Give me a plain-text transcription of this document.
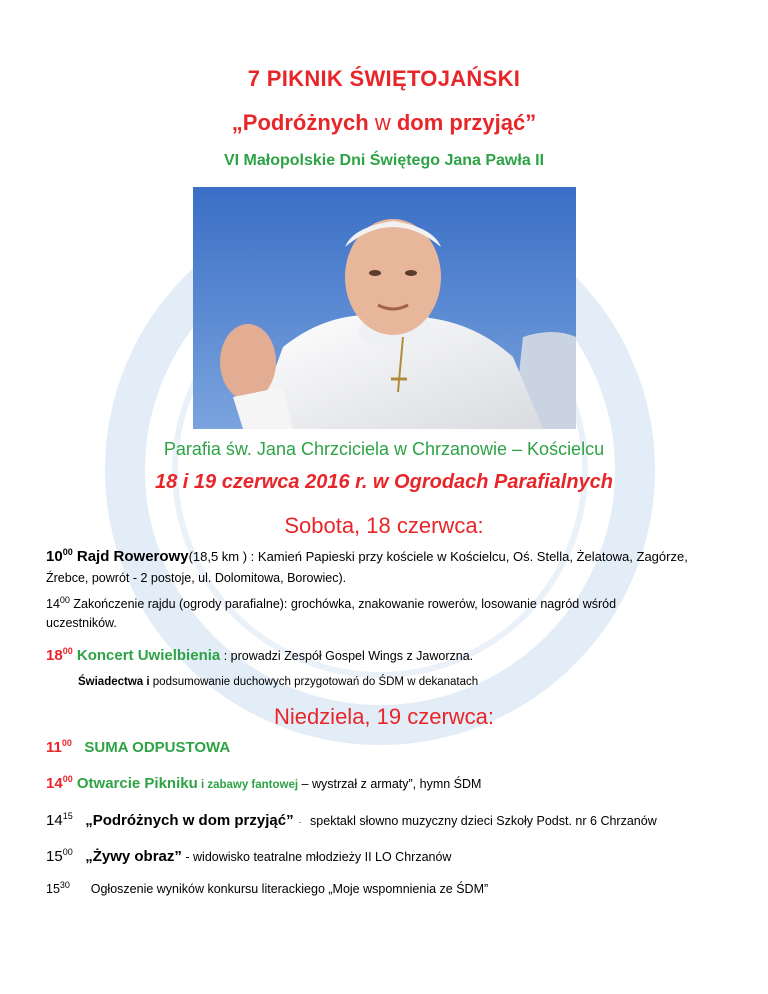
7 PIKNIK ŚWIĘTOJAŃSKI
„Podróżnych w dom przyjąć”
VI Małopolskie Dni Świętego Jana Pawła II
Parafia św. Jana Chrzciciela w Chrzanowie – Kościelcu
18 i 19 czerwca 2016 r. w Ogrodach Parafialnych
Sobota, 18 czerwca:
$10^{00}$ Rajd Rowerowy(18,5 km ) : Kamień Papieski przy kościele w Kościelcu, Oś. Stella, Żelatowa, Zagórze,
Źrebce, powrót - 2 postoje, ul. Dolomitowa, Borowiec).
$14^{00}$ Zakończenie rajdu (ogrody parafialne): grochówka, znakowanie rowerów, losowanie nagród wśród
uczestników.
$18^{00}$ Koncert Uwielbienia : prowadzi Zespół Gospel Wings z Jaworzna.
Świadectwa i podsumowanie duchowych przygotowań do ŚDM w dekanatach
Niedziela, 19 czerwca:
$11^{00}$   SUMA ODPUSTOWA
$14^{00}$ Otwarcie Pikniku i zabawy fantowej – wystrzał z armaty”, hymn ŚDM
$14^{15}$   „Podróżnych w dom przyjąć”  ·   spektakl słowno muzyczny dzieci Szkoły Podst. nr 6 Chrzanów
$15^{00}$   „Żywy obraz” - widowisko teatralne młodzieży II LO Chrzanów
$15^{30}$      Ogłoszenie wyników konkursu literackiego „Moje wspomnienia ze ŚDM”
